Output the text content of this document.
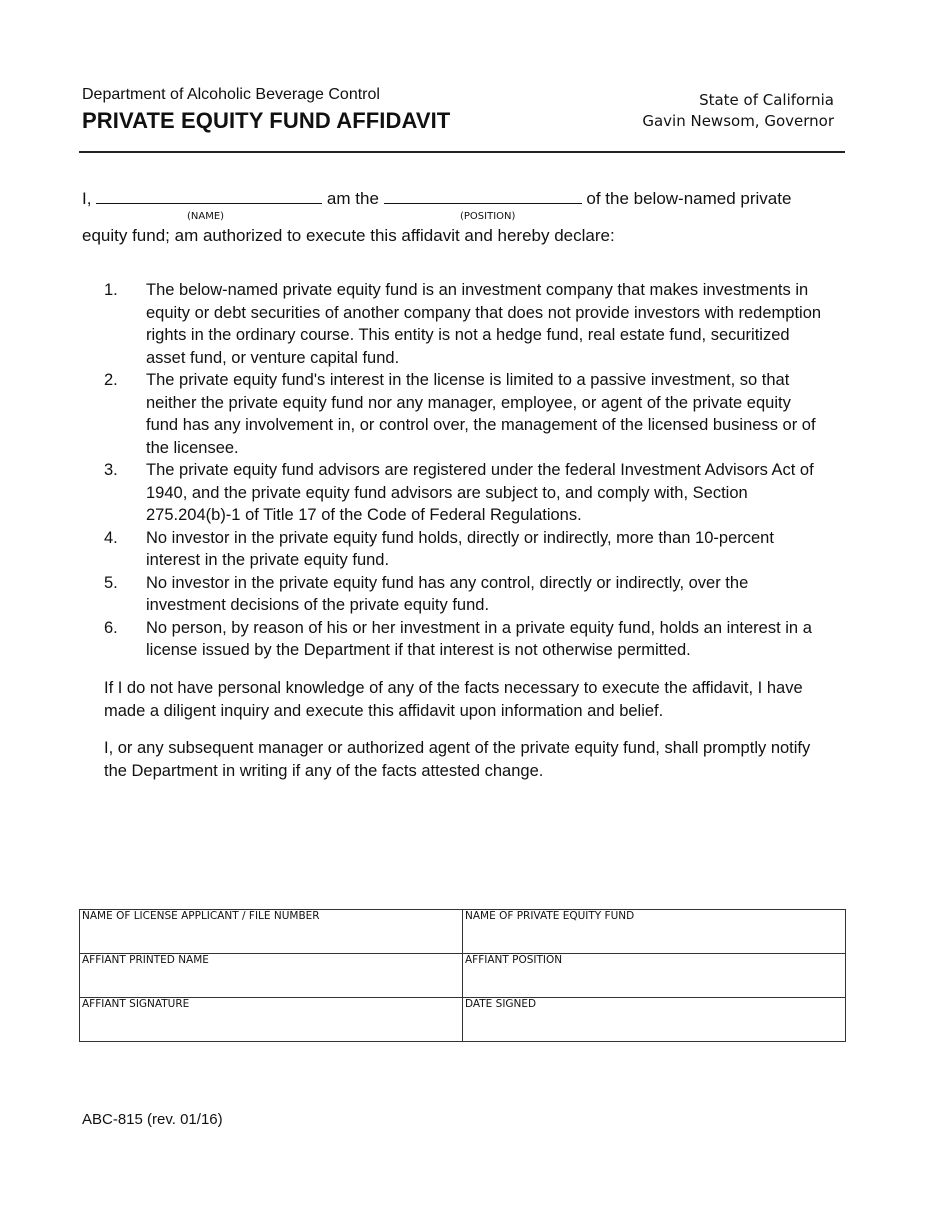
Department of Alcoholic Beverage Control
PRIVATE EQUITY FUND AFFIDAVIT
State of California
Gavin Newsom, Governor
I,	am the	of the below-named private
(NAME)	(POSITION)
equity fund; am authorized to execute this affidavit and hereby declare:
1. The below-named private equity fund is an investment company that makes investments in equity or debt securities of another company that does not provide investors with redemption rights in the ordinary course. This entity is not a hedge fund, real estate fund, securitized asset fund, or venture capital fund.
2. The private equity fund's interest in the license is limited to a passive investment, so that neither the private equity fund nor any manager, employee, or agent of the private equity fund has any involvement in, or control over, the management of the licensed business or of the licensee.
3. The private equity fund advisors are registered under the federal Investment Advisors Act of 1940, and the private equity fund advisors are subject to, and comply with, Section 275.204(b)-1 of Title 17 of the Code of Federal Regulations.
4. No investor in the private equity fund holds, directly or indirectly, more than 10-percent interest in the private equity fund.
5. No investor in the private equity fund has any control, directly or indirectly, over the investment decisions of the private equity fund.
6. No person, by reason of his or her investment in a private equity fund, holds an interest in a license issued by the Department if that interest is not otherwise permitted.
If I do not have personal knowledge of any of the facts necessary to execute the affidavit, I have made a diligent inquiry and execute this affidavit upon information and belief.
I, or any subsequent manager or authorized agent of the private equity fund, shall promptly notify the Department in writing if any of the facts attested change.
NAME OF LICENSE APPLICANT / FILE NUMBER	NAME OF PRIVATE EQUITY FUND
AFFIANT PRINTED NAME	AFFIANT POSITION
AFFIANT SIGNATURE	DATE SIGNED
ABC-815 (rev. 01/16)
